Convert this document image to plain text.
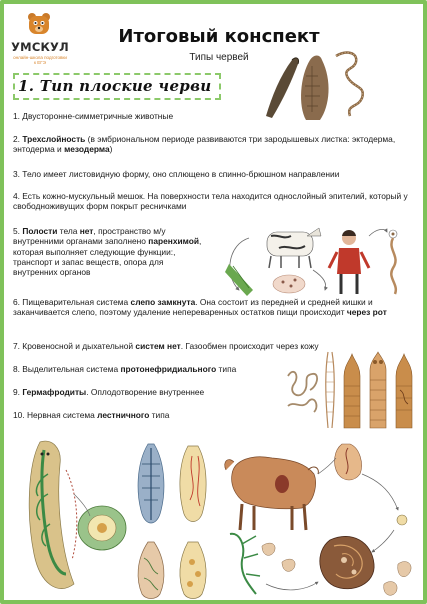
УМСКУЛ
онлайн-школа подготовки к ЕГЭ
Итоговый конспект
Типы червей
1. Тип плоские черви
1. Двусторонне-симметричные животные
2. Трехслойность (в эмбриональном периоде развиваются три зародышевых листка: эктодерма, энтодерма и мезодерма)
3. Тело имеет листовидную форму, оно сплющено в спинно-брюшном направлении
4. Есть кожно-мускульный мешок. На поверхности тела находится однослойный эпителий, который у свободноживущих форм покрыт ресничками
5. Полости тела нет, пространство м/у внутренними органами заполнено паренхимой, которая выполняет следующие функции:, транспорт и запас веществ, опора для внутренних органов
6. Пищеварительная система слепо замкнута. Она состоит из передней и средней кишки и заканчивается слепо, поэтому удаление непереваренных остатков пищи происходит через рот
7. Кровеносной и дыхательной систем нет. Газообмен происходит через кожу
8. Выделительная система протонефридиального типа
9. Гермафродиты. Оплодотворение внутреннее
10. Нервная система лестничного типа
